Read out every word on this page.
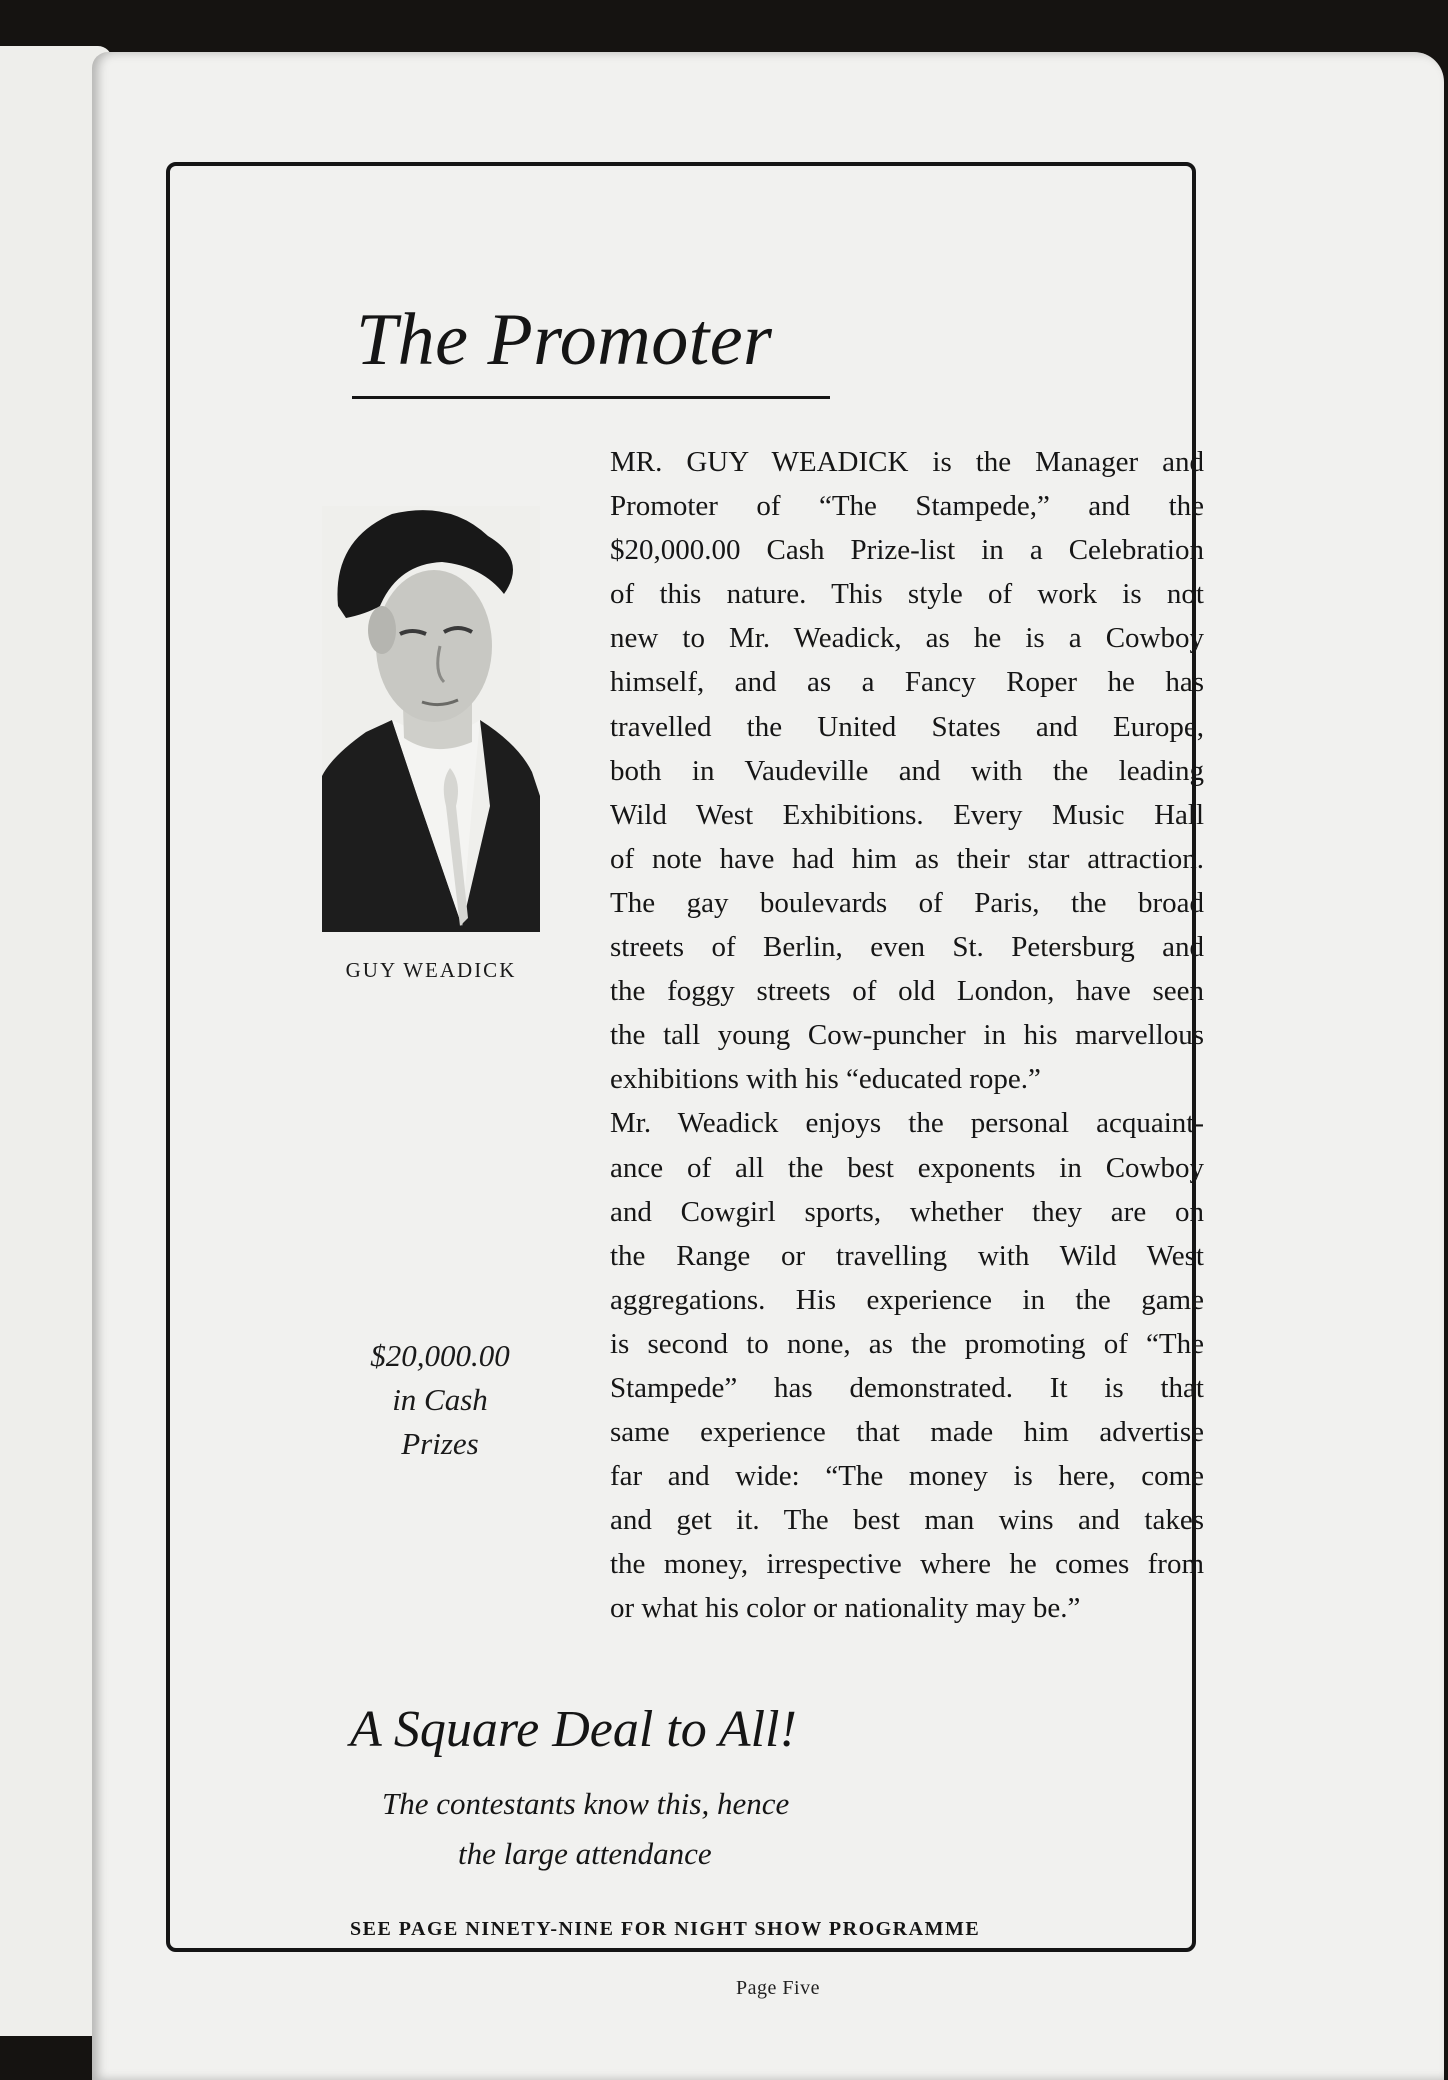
The Promoter
GUY WEADICK
$20,000.00
in Cash
Prizes
MR. GUY WEADICK is the Manager and
Promoter of “The Stampede,” and the
$20,000.00 Cash Prize-list in a Celebration
of this nature. This style of work is not
new to Mr. Weadick, as he is a Cowboy
himself, and as a Fancy Roper he has
travelled the United States and Europe,
both in Vaudeville and with the leading
Wild West Exhibitions. Every Music Hall
of note have had him as their star attraction.
The gay boulevards of Paris, the broad
streets of Berlin, even St. Petersburg and
the foggy streets of old London, have seen
the tall young Cow-puncher in his marvellous
exhibitions with his “educated rope.”
Mr. Weadick enjoys the personal acquaint-
ance of all the best exponents in Cowboy
and Cowgirl sports, whether they are on
the Range or travelling with Wild West
aggregations. His experience in the game
is second to none, as the promoting of “The
Stampede” has demonstrated. It is that
same experience that made him advertise
far and wide: “The money is here, come
and get it. The best man wins and takes
the money, irrespective where he comes from
or what his color or nationality may be.”
A Square Deal to All!
The contestants know this, hence
the large attendance
SEE PAGE NINETY-NINE FOR NIGHT SHOW PROGRAMME
Page Five
